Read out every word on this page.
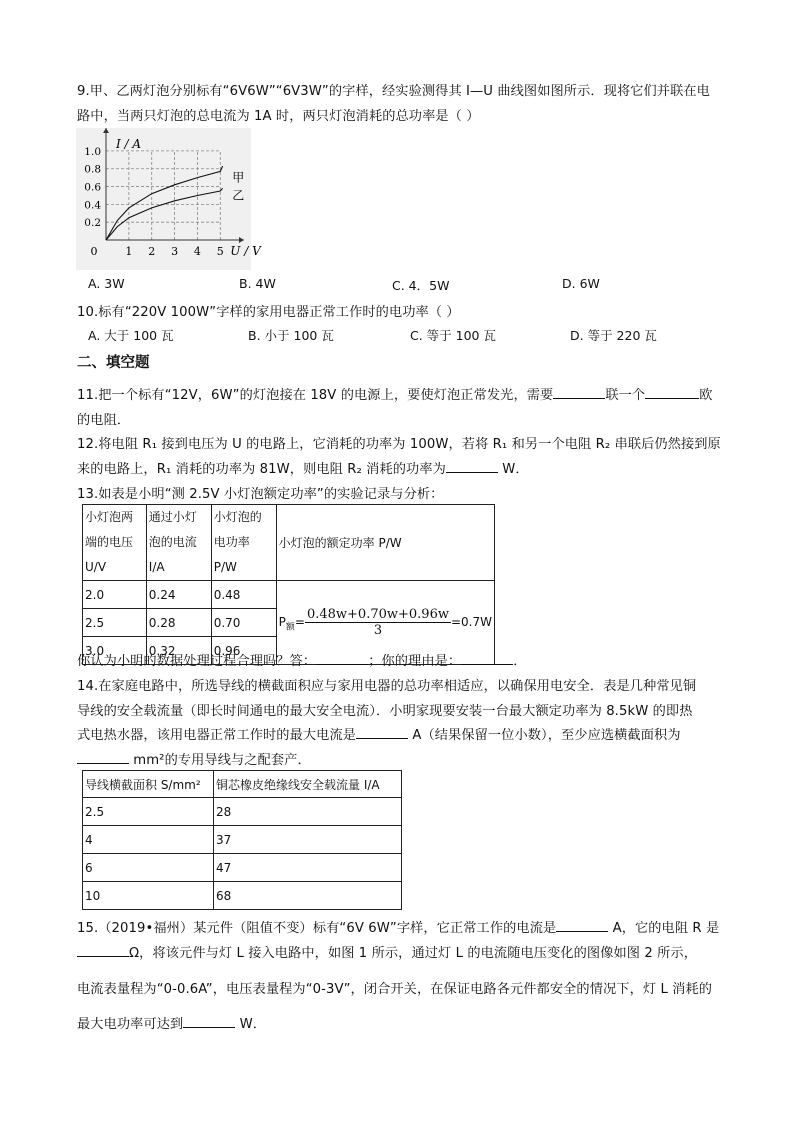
9.甲、乙两灯泡分别标有“6V6W”“6V3W”的字样，经实验测得其 I—U 曲线图如图所示．现将它们并联在电
路中，当两只灯泡的总电流为 1A 时，两只灯泡消耗的总功率是（ ）
0	1 2 3 4 5
0.2
0.4
0.6
0.8
1.0
U / V
I / A
甲
乙
A. 3W	B. 4W	C. 4．5W	D. 6W
10.标有“220V 100W”字样的家用电器正常工作时的电功率（ ）
A. 大于 100 瓦	B. 小于 100 瓦	C. 等于 100 瓦	D. 等于 220 瓦
二、填空题
11.把一个标有“12V，6W”的灯泡接在 18V 的电源上，要使灯泡正常发光，需要	联一个	欧
的电阻．
12.将电阻 R₁ 接到电压为 U 的电路上，它消耗的功率为 100W，若将 R₁ 和另一个电阻 R₂ 串联后仍然接到原
来的电路上，R₁ 消耗的功率为 81W，则电阻 R₂ 消耗的功率为	W．
13.如表是小明“测 2.5V 小灯泡额定功率”的实验记录与分析：
小灯泡两端的电压 U/V	通过小灯泡的电流 I/A	小灯泡的电功率 P/W	小灯泡的额定功率 P/W
2.0	0.24	0.48	$P_额= \frac{0.48w+0.70w+0.96w}{3} =0.7W$
2.5	0.28	0.70	
3.0	0.32	0.96	
你认为小明的数据处理过程合理吗？答：	；你的理由是：	．
14.在家庭电路中，所选导线的横截面积应与家用电器的总功率相适应，以确保用电安全．表是几种常见铜
导线的安全载流量（即长时间通电的最大安全电流）．小明家现要安装一台最大额定功率为 8.5kW 的即热
式电热水器，该用电器正常工作时的最大电流是	A（结果保留一位小数），至少应选横截面积为
mm²的专用导线与之配套产．
导线横截面积 S/mm²	铜芯橡皮绝缘线安全载流量 I/A
2.5	28
4	37
6	47
10	68
15.（2019•福州）某元件（阻值不变）标有“6V 6W”字样，它正常工作的电流是	A，它的电阻 R 是
Ω，将该元件与灯 L 接入电路中，如图 1 所示，通过灯 L 的电流随电压变化的图像如图 2 所示，
电流表量程为“0-0.6A”，电压表量程为“0-3V”，闭合开关，在保证电路各元件都安全的情况下，灯 L 消耗的
最大电功率可达到	W．
